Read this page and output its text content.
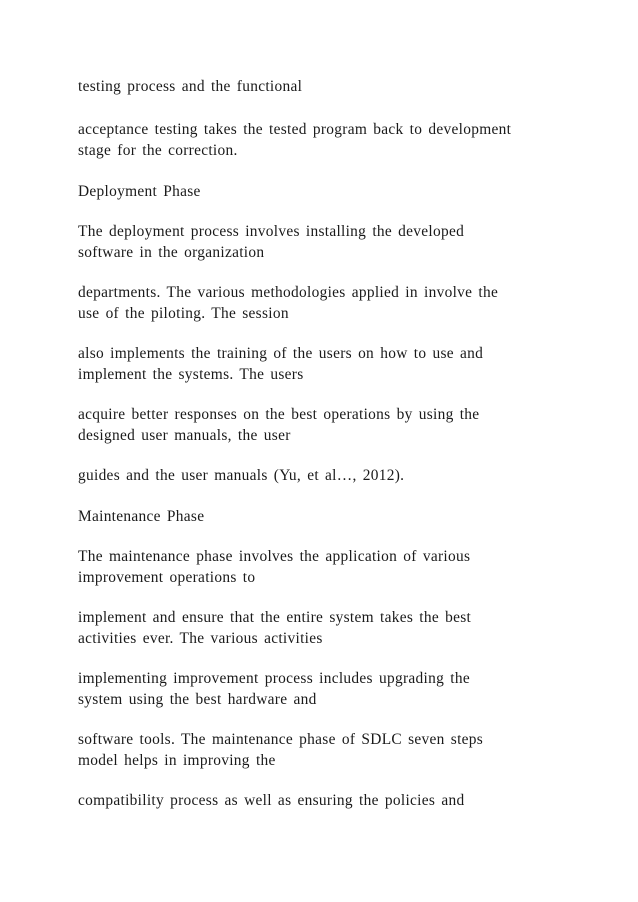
testing process and the functional
acceptance testing takes the tested program back to development
stage for the correction.
Deployment Phase
The deployment process involves installing the developed
software in the organization
departments. The various methodologies applied in involve the
use of the piloting. The session
also implements the training of the users on how to use and
implement the systems. The users
acquire better responses on the best operations by using the
designed user manuals, the user
guides and the user manuals (Yu, et al…, 2012).
Maintenance Phase
The maintenance phase involves the application of various
improvement operations to
implement and ensure that the entire system takes the best
activities ever. The various activities
implementing improvement process includes upgrading the
system using the best hardware and
software tools. The maintenance phase of SDLC seven steps
model helps in improving the
compatibility process as well as ensuring the policies and
